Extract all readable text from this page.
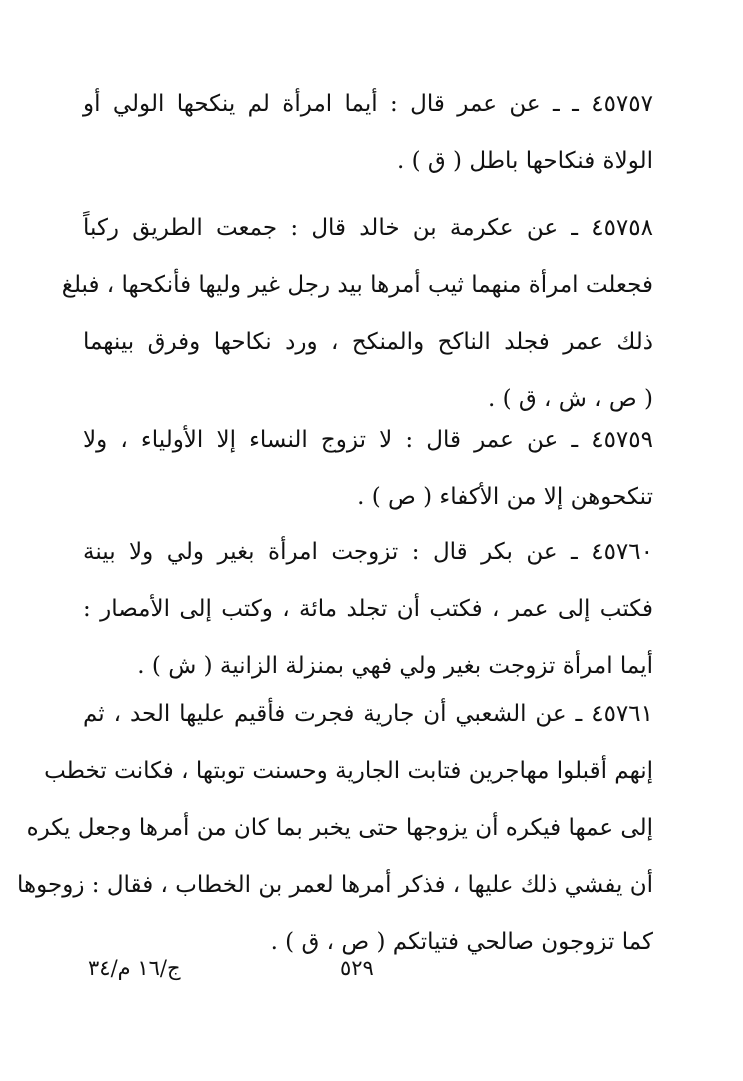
٤٥٧٥٧ ـ ـ عن عمر قال : أيما امرأة لم ينكحها الولي أو
الولاة فنكاحها باطل ( ق ) .
٤٥٧٥٨ ـ عن عكرمة بن خالد قال : جمعت الطريق ركباً
فجعلت امرأة منهما ثيب أمرها بيد رجل غير وليها فأنكحها ، فبلغ
ذلك عمر فجلد الناكح والمنكح ، ورد نكاحها وفرق بينهما
( ص ، ش ، ق ) .
٤٥٧٥٩ ـ عن عمر قال : لا تزوج النساء إلا الأولياء ، ولا
تنكحوهن إلا من الأكفاء ( ص ) .
٤٥٧٦٠ ـ عن بكر قال : تزوجت امرأة بغير ولي ولا بينة
فكتب إلى عمر ، فكتب أن تجلد مائة ، وكتب إلى الأمصار :
أيما امرأة تزوجت بغير ولي فهي بمنزلة الزانية ( ش ) .
٤٥٧٦١ ـ عن الشعبي أن جارية فجرت فأقيم عليها الحد ، ثم
إنهم أقبلوا مهاجرين فتابت الجارية وحسنت توبتها ، فكانت تخطب
إلى عمها فيكره أن يزوجها حتى يخبر بما كان من أمرها وجعل يكره
أن يفشي ذلك عليها ، فذكر أمرها لعمر بن الخطاب ، فقال : زوجوها
كما تزوجون صالحي فتياتكم ( ص ، ق ) .
٥٢٩
ج/١٦ م/٣٤
